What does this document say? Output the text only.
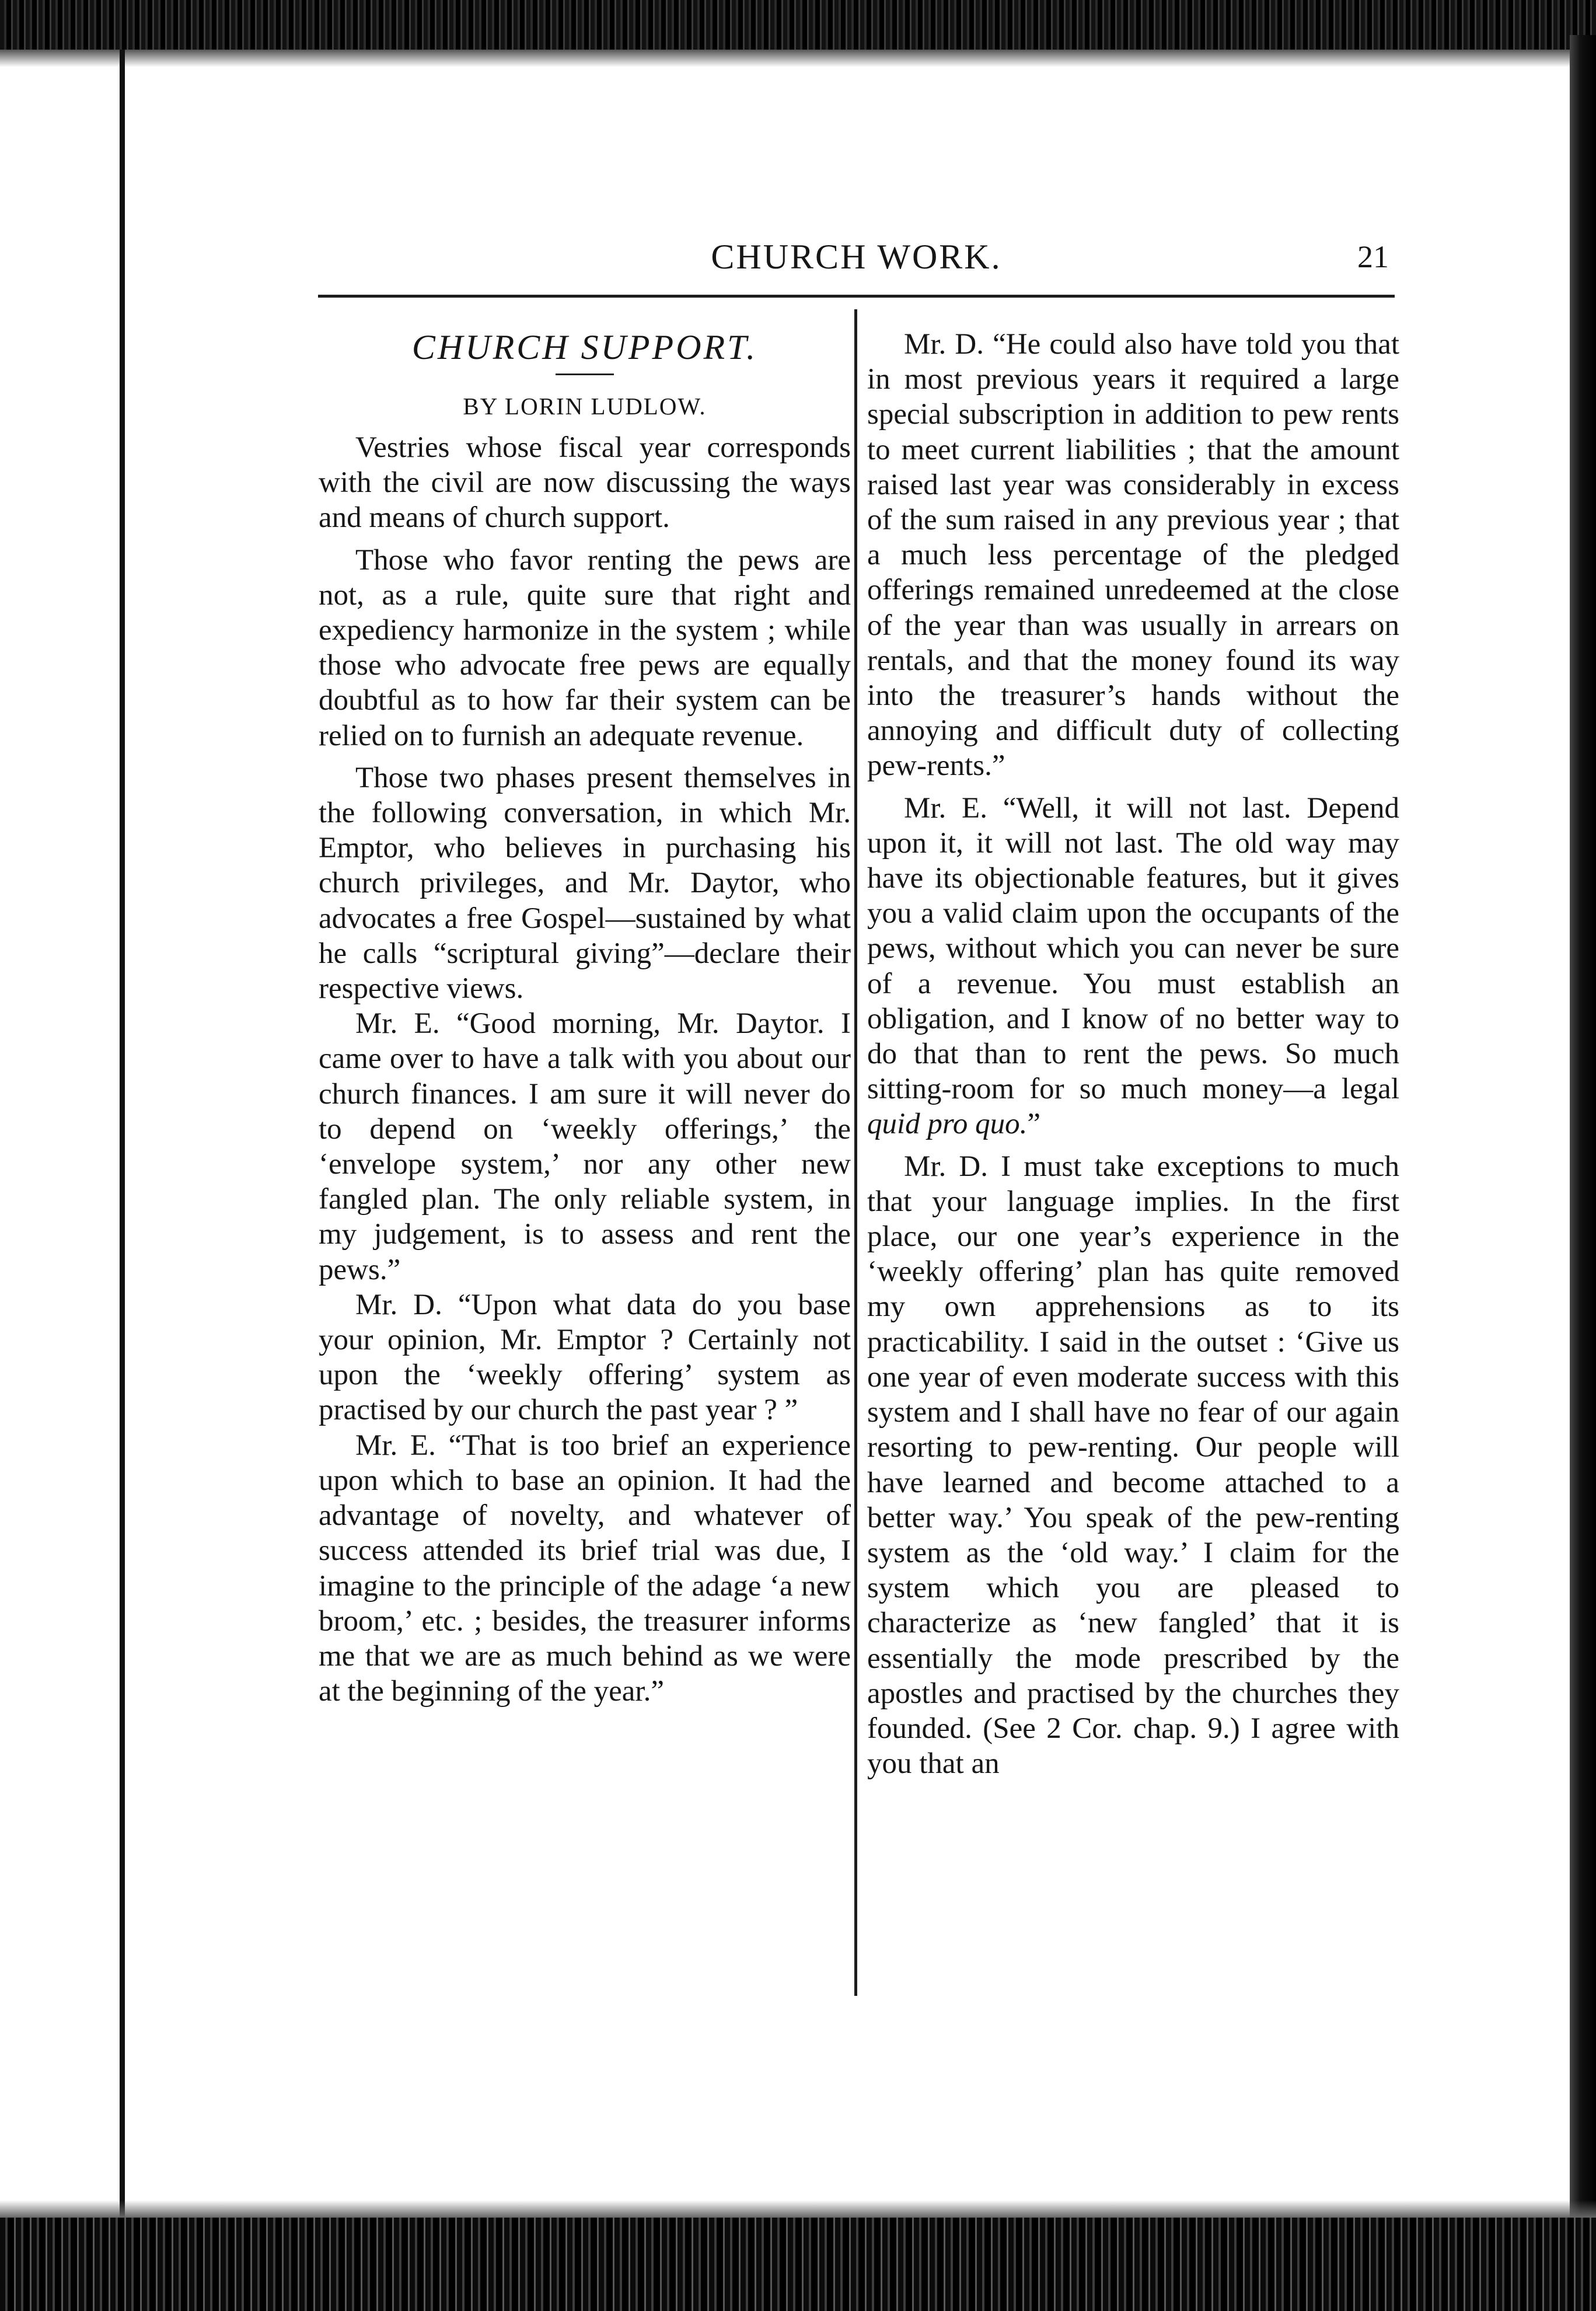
CHURCH WORK.	21
CHURCH SUPPORT.
BY LORIN LUDLOW.

Vestries whose fiscal year corresponds with the civil are now discussing the ways and means of church support.

Those who favor renting the pews are not, as a rule, quite sure that right and expediency harmonize in the system ; while those who advocate free pews are equally doubtful as to how far their system can be relied on to furnish an adequate revenue.

Those two phases present themselves in the following conversation, in which Mr. Emptor, who believes in purchasing his church privileges, and Mr. Daytor, who advocates a free Gospel—sustained by what he calls “scriptural giving”—declare their respective views.

Mr. E. “Good morning, Mr. Daytor. I came over to have a talk with you about our church finances. I am sure it will never do to depend on ‘weekly offerings,’ the ‘envelope system,’ nor any other new fangled plan. The only reliable system, in my judgement, is to assess and rent the pews.”

Mr. D. “Upon what data do you base your opinion, Mr. Emptor ? Certainly not upon the ‘weekly offering’ system as practised by our church the past year ? ”

Mr. E. “That is too brief an experience upon which to base an opinion. It had the advantage of novelty, and whatever of success attended its brief trial was due, I imagine to the principle of the adage ‘a new broom,’ etc. ; besides, the treasurer informs me that we are as much behind as we were at the beginning of the year.”

Mr. D. “He could also have told you that in most previous years it required a large special subscription in addition to pew rents to meet current liabilities ; that the amount raised last year was considerably in excess of the sum raised in any previous year ; that a much less percentage of the pledged offerings remained unredeemed at the close of the year than was usually in arrears on rentals, and that the money found its way into the treasurer’s hands without the annoying and difficult duty of collecting pew-rents.”

Mr. E. “Well, it will not last. Depend upon it, it will not last. The old way may have its objectionable features, but it gives you a valid claim upon the occupants of the pews, without which you can never be sure of a revenue. You must establish an obligation, and I know of no better way to do that than to rent the pews. So much sitting-room for so much money—a legal quid pro quo.”

Mr. D. I must take exceptions to much that your language implies. In the first place, our one year’s experience in the ‘weekly offering’ plan has quite removed my own apprehensions as to its practicability. I said in the outset : ‘Give us one year of even moderate success with this system and I shall have no fear of our again resorting to pew-renting. Our people will have learned and become attached to a better way.’ You speak of the pew-renting system as the ‘old way.’ I claim for the system which you are pleased to characterize as ‘new fangled’ that it is essentially the mode prescribed by the apostles and practised by the churches they founded. (See 2 Cor. chap. 9.) I agree with you that an
